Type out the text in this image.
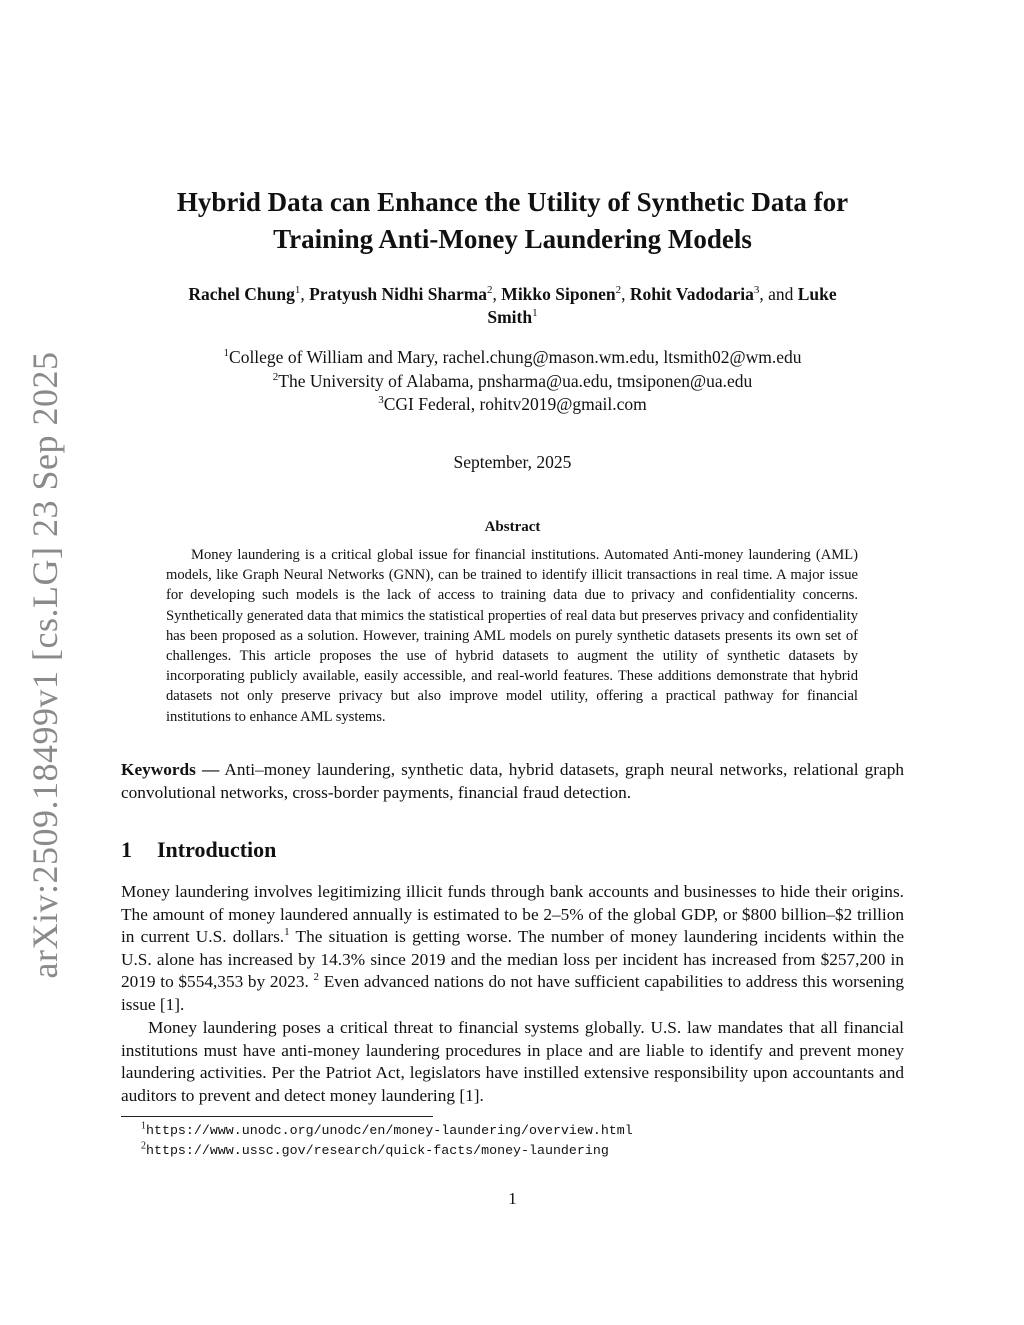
arXiv:2509.18499v1 [cs.LG] 23 Sep 2025
Hybrid Data can Enhance the Utility of Synthetic Data for
Training Anti-Money Laundering Models
Rachel Chung$^1$, Pratyush Nidhi Sharma$^2$, Mikko Siponen$^2$, Rohit Vadodaria$^3$, and Luke
Smith$^1$
$^1$College of William and Mary, rachel.chung@mason.wm.edu, ltsmith02@wm.edu
$^2$The University of Alabama, pnsharma@ua.edu, tmsiponen@ua.edu
$^3$CGI Federal, rohitv2019@gmail.com
September, 2025
Abstract

Money laundering is a critical global issue for financial institutions. Automated Anti-money laundering (AML) models, like Graph Neural Networks (GNN), can be trained to identify illicit transactions in real time. A major issue for developing such models is the lack of access to training data due to privacy and confidentiality concerns. Synthetically generated data that mimics the statistical properties of real data but preserves privacy and confidentiality has been proposed as a solution. However, training AML models on purely synthetic datasets presents its own set of challenges. This article proposes the use of hybrid datasets to augment the utility of synthetic datasets by incorporating publicly available, easily accessible, and real-world features. These additions demonstrate that hybrid datasets not only preserve privacy but also improve model utility, offering a practical pathway for financial institutions to enhance AML systems.

Keywords — Anti–money laundering, synthetic data, hybrid datasets, graph neural networks, relational graph convolutional networks, cross-border payments, financial fraud detection.

1 Introduction

Money laundering involves legitimizing illicit funds through bank accounts and businesses to hide their origins. The amount of money laundered annually is estimated to be 2–5% of the global GDP, or $800 billion–$2 trillion in current U.S. dollars.$^1$ The situation is getting worse. The number of money laundering incidents within the U.S. alone has increased by 14.3% since 2019 and the median loss per incident has increased from $257,200 in 2019 to $554,353 by 2023. $^2$ Even advanced nations do not have sufficient capabilities to address this worsening issue [1].

Money laundering poses a critical threat to financial systems globally. U.S. law mandates that all financial institutions must have anti-money laundering procedures in place and are liable to identify and prevent money laundering activities. Per the Patriot Act, legislators have instilled extensive responsibility upon accountants and auditors to prevent and detect money laundering [1].

$^1$https://www.unodc.org/unodc/en/money-laundering/overview.html
$^2$https://www.ussc.gov/research/quick-facts/money-laundering
1
